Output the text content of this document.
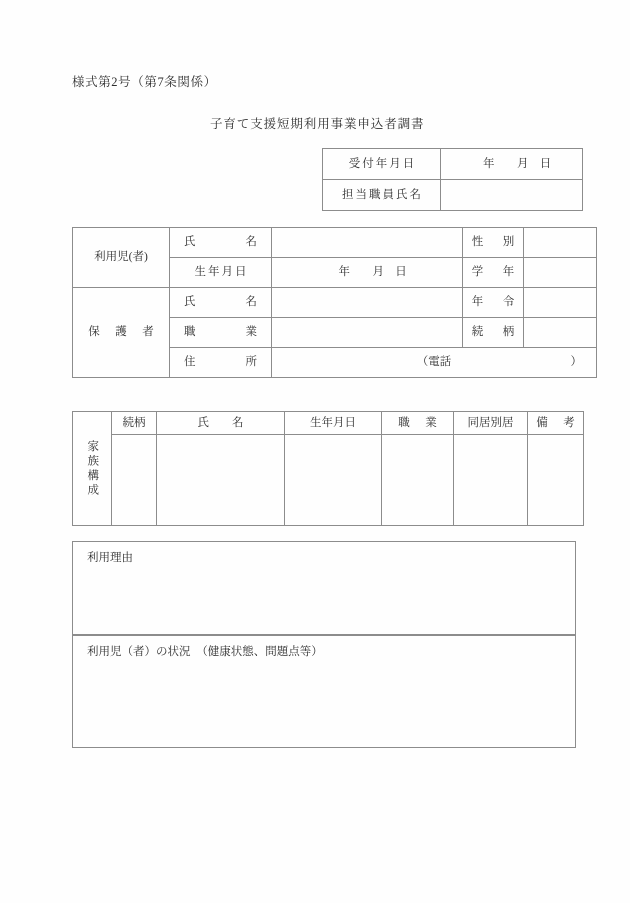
様式第2号（第7条関係）
子育て支援短期利用事業申込者調書
受付年月日	年 月 日
担当職員氏名	
利用児(者)	氏　　名		性　別	
	生年月日	年 月 日	学　年	
保　護　者	氏　　名		年　令	
	職　　業		続　柄	
	住　　所	（電話 ）		
家族構成	続柄	氏　　名	生年月日	職　業	同居別居	備　考

利用理由
利用児（者）の状況　（健康状態、問題点等）
